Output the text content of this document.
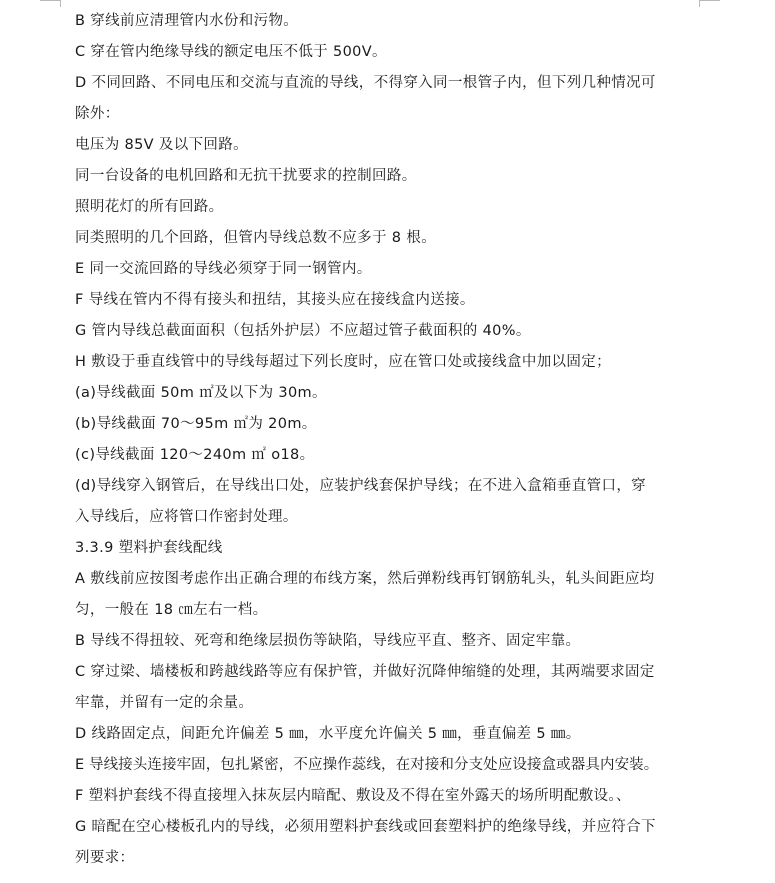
B 穿线前应清理管内水份和污物。
C 穿在管内绝缘导线的额定电压不低于 500V。
D 不同回路、不同电压和交流与直流的导线，不得穿入同一根管子内，但下列几种情况可
除外：
电压为 85V 及以下回路。
同一台设备的电机回路和无抗干扰要求的控制回路。
照明花灯的所有回路。
同类照明的几个回路，但管内导线总数不应多于 8 根。
E 同一交流回路的导线必须穿于同一钢管内。
F 导线在管内不得有接头和扭结，其接头应在接线盒内送接。
G 管内导线总截面面积（包括外护层）不应超过管子截面积的 40%。
H 敷设于垂直线管中的导线每超过下列长度时，应在管口处或接线盒中加以固定；
(a)导线截面 50m ㎡及以下为 30m。
(b)导线截面 70～95m ㎡为 20m。
(c)导线截面 120～240m ㎡ o18。
(d)导线穿入钢管后，在导线出口处，应装护线套保护导线；在不进入盒箱垂直管口，穿
入导线后，应将管口作密封处理。
3.3.9 塑料护套线配线
A 敷线前应按图考虑作出正确合理的布线方案，然后弹粉线再钉钢筋轧头，轧头间距应均
匀，一般在 18 ㎝左右一档。
B 导线不得扭较、死弯和绝缘层损伤等缺陷，导线应平直、整齐、固定牢靠。
C 穿过梁、墙楼板和跨越线路等应有保护管，并做好沉降伸缩缝的处理，其两端要求固定
牢靠，并留有一定的余量。
D 线路固定点，间距允许偏差 5 ㎜，水平度允许偏关 5 ㎜，垂直偏差 5 ㎜。
E 导线接头连接牢固，包扎紧密，不应操作蕊线，在对接和分支处应设接盒或器具内安装。
F 塑料护套线不得直接埋入抹灰层内暗配、敷设及不得在室外露天的场所明配敷设。、
G 暗配在空心楼板孔内的导线，必须用塑料护套线或回套塑料护的绝缘导线，并应符合下
列要求：
